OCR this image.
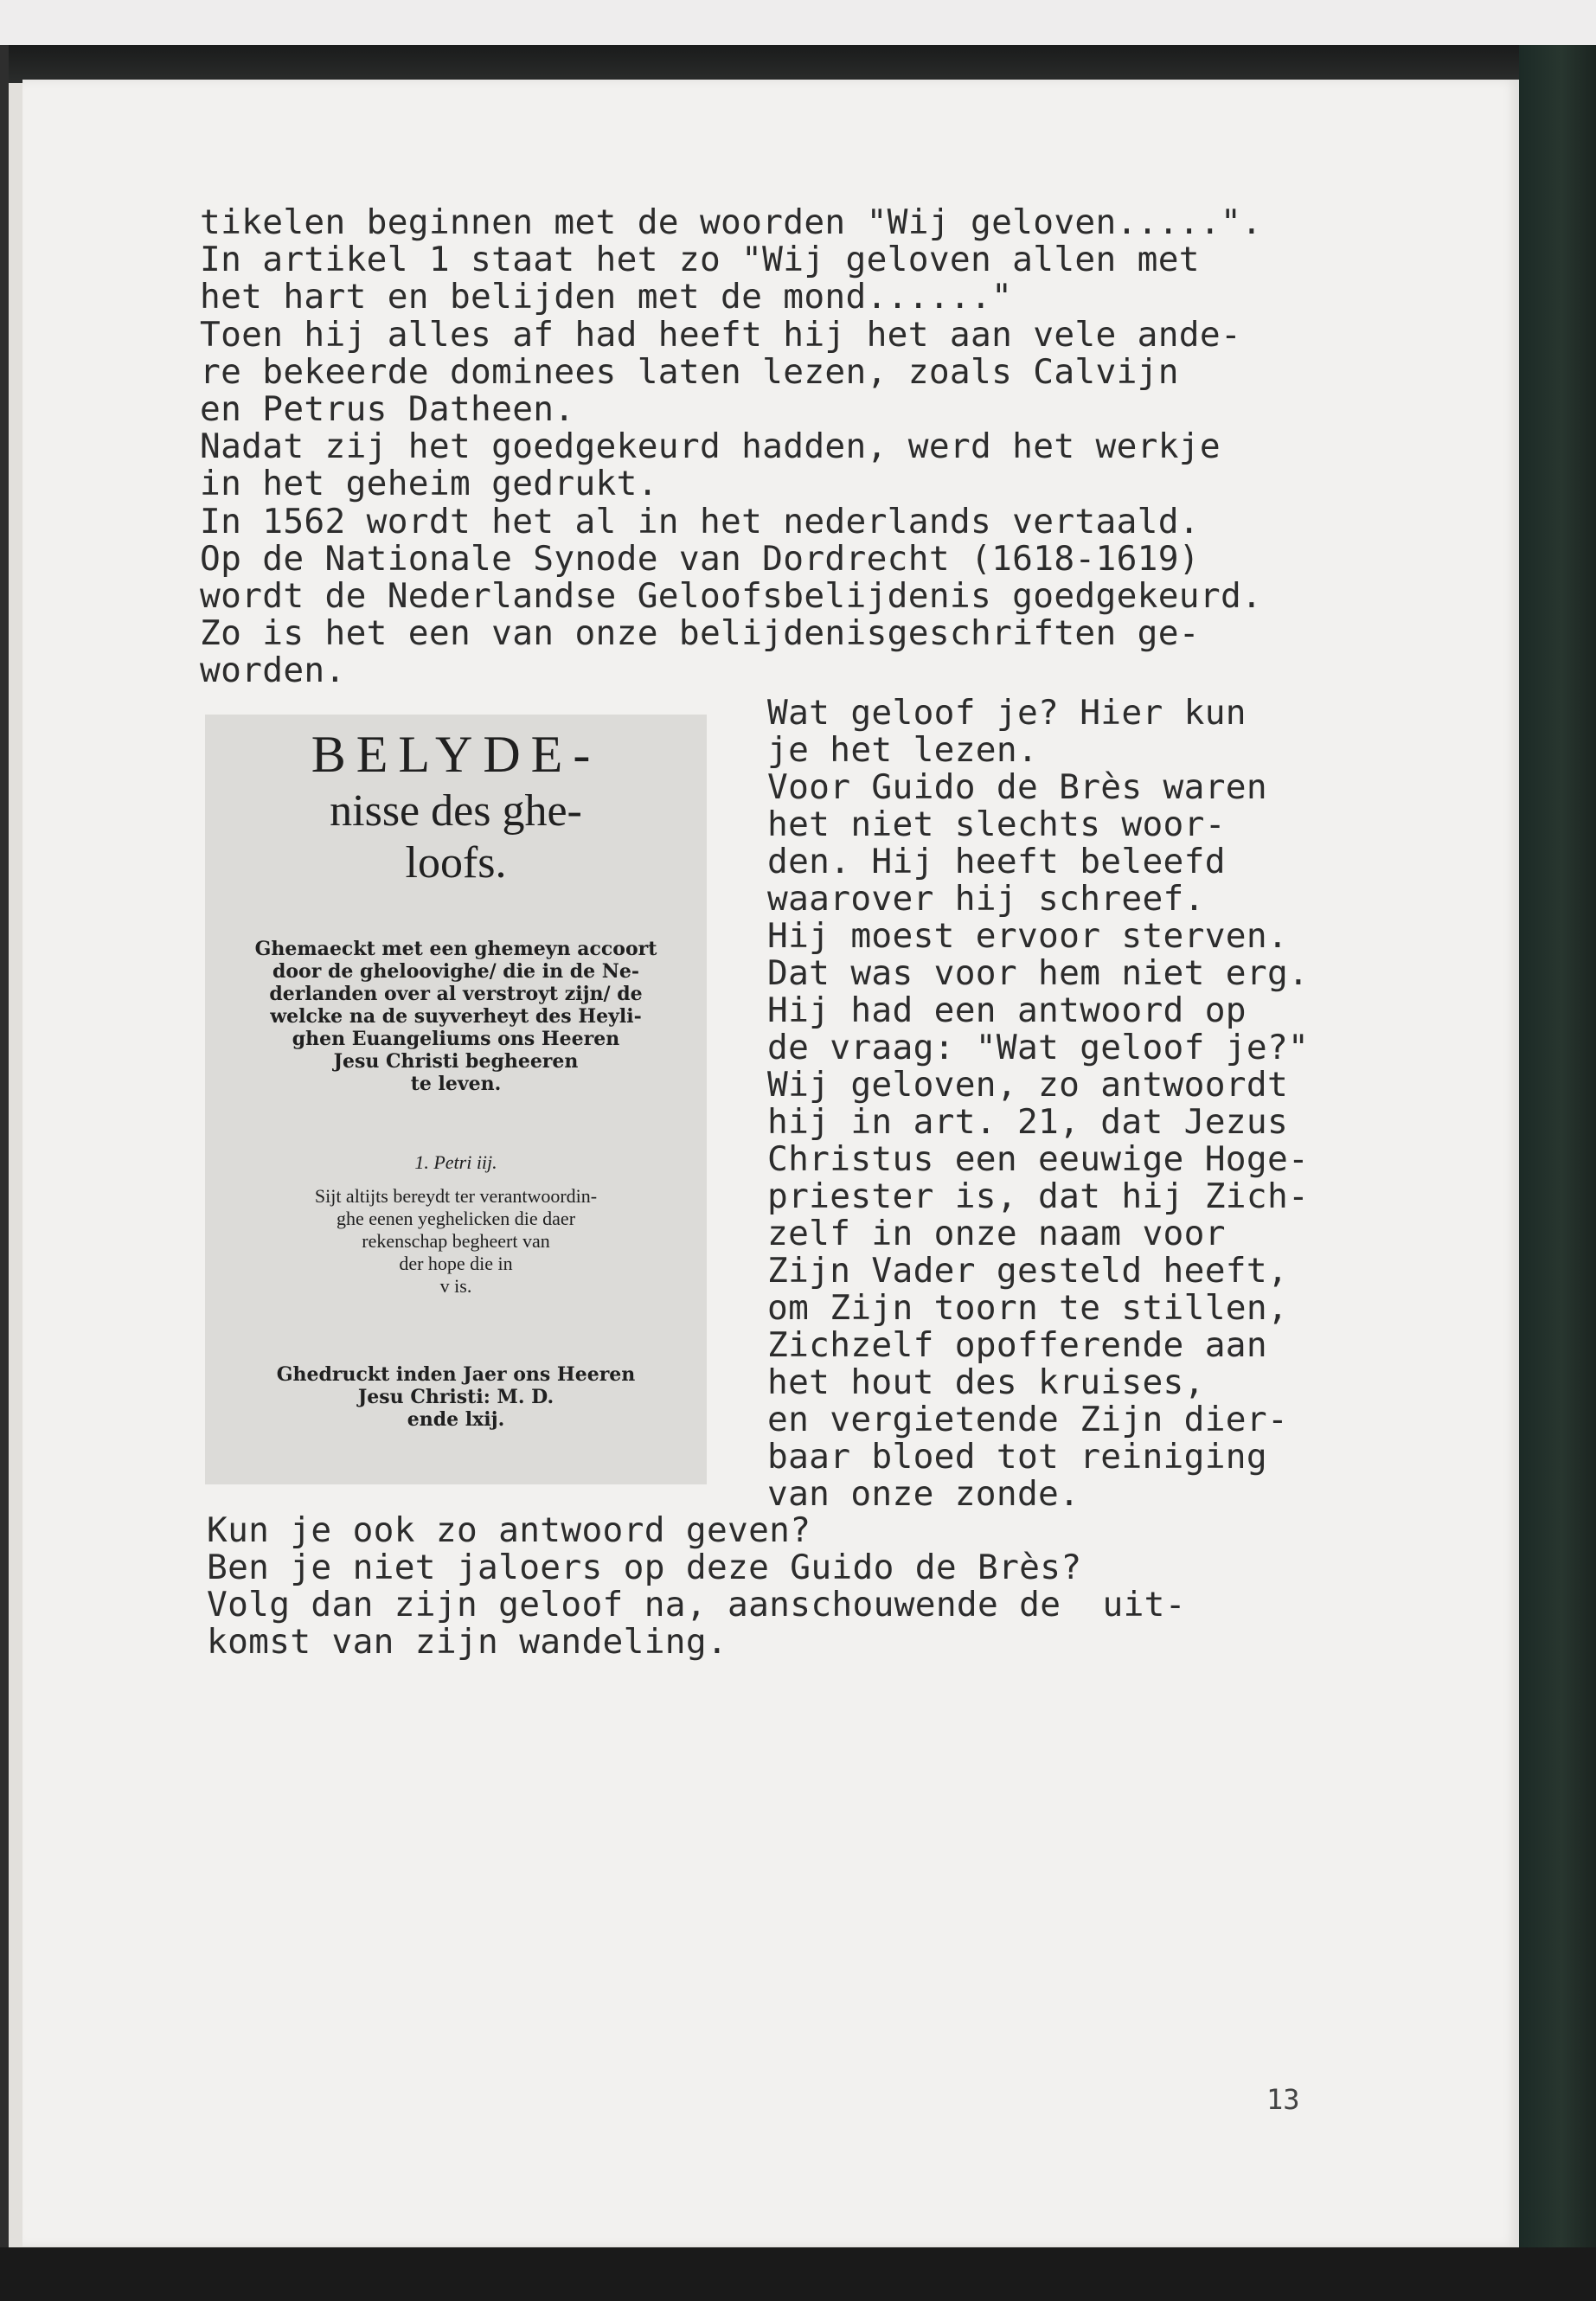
tikelen beginnen met de woorden "Wij geloven.....".
In artikel 1 staat het zo "Wij geloven allen met
het hart en belijden met de mond......"
Toen hij alles af had heeft hij het aan vele ande-
re bekeerde dominees laten lezen, zoals Calvijn
en Petrus Datheen.
Nadat zij het goedgekeurd hadden, werd het werkje
in het geheim gedrukt.
In 1562 wordt het al in het nederlands vertaald.
Op de Nationale Synode van Dordrecht (1618-1619)
wordt de Nederlandse Geloofsbelijdenis goedgekeurd.
Zo is het een van onze belijdenisgeschriften ge-
worden.
BELYDE-
nisse des ghe-
loofs.
Ghemaeckt met een ghemeyn accoort
door de gheloovighe/ die in de Ne-
derlanden over al verstroyt zijn/ de
welcke na de suyverheyt des Heyli-
ghen Euangeliums ons Heeren
Jesu Christi begheeren
te leven.
1. Petri iij.
Sijt altijts bereydt ter verantwoordin-
ghe eenen yeghelicken die daer
rekenschap begheert van
der hope die in
v is.
Ghedruckt inden Jaer ons Heeren
Jesu Christi: M. D.
ende lxij.
Wat geloof je? Hier kun
je het lezen.
Voor Guido de Brès waren
het niet slechts woor-
den. Hij heeft beleefd
waarover hij schreef.
Hij moest ervoor sterven.
Dat was voor hem niet erg.
Hij had een antwoord op
de vraag: "Wat geloof je?"
Wij geloven, zo antwoordt
hij in art. 21, dat Jezus
Christus een eeuwige Hoge-
priester is, dat hij Zich-
zelf in onze naam voor
Zijn Vader gesteld heeft,
om Zijn toorn te stillen,
Zichzelf opofferende aan
het hout des kruises,
en vergietende Zijn dier-
baar bloed tot reiniging
van onze zonde.
Kun je ook zo antwoord geven?
Ben je niet jaloers op deze Guido de Brès?
Volg dan zijn geloof na, aanschouwende de  uit-
komst van zijn wandeling.
13
